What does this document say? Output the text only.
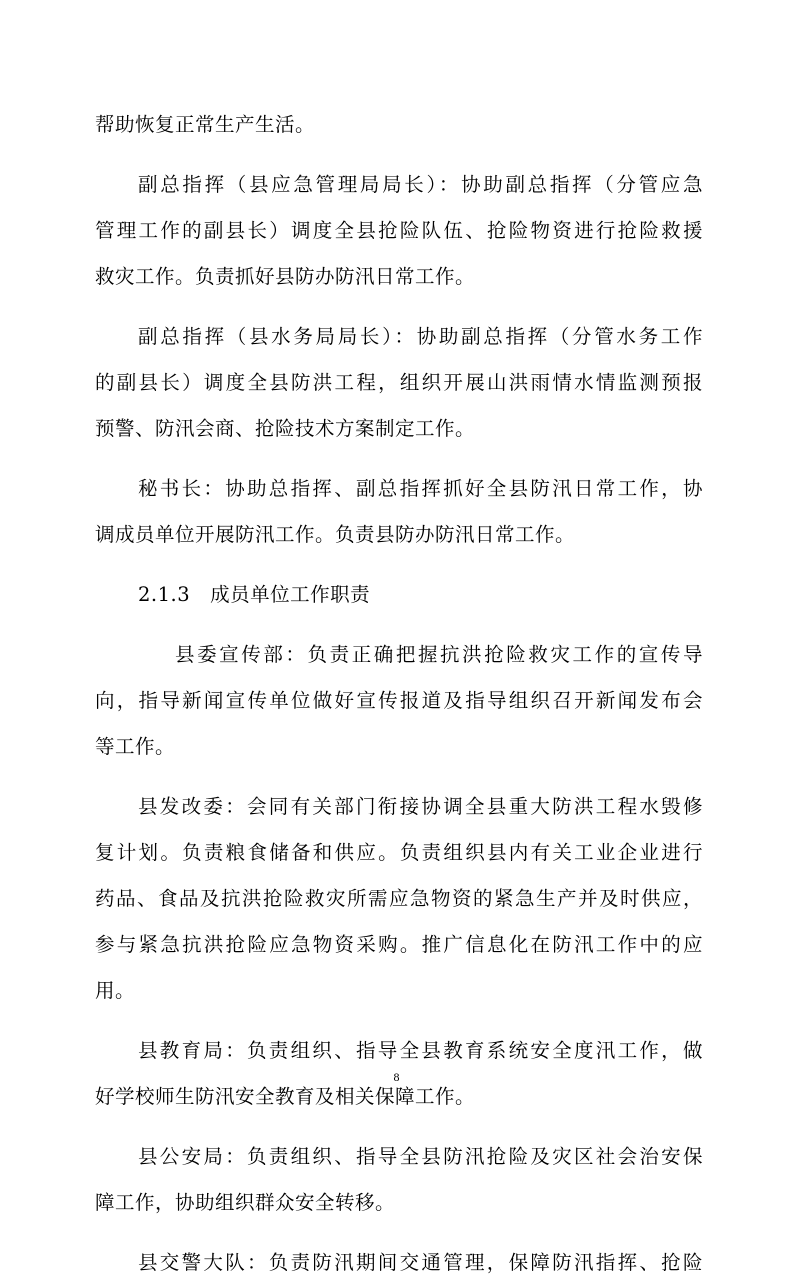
帮助恢复正常生产生活。
副总指挥（县应急管理局局长）：协助副总指挥（分管应急
管理工作的副县长）调度全县抢险队伍、抢险物资进行抢险救援
救灾工作。负责抓好县防办防汛日常工作。
副总指挥（县水务局局长）：协助副总指挥（分管水务工作
的副县长）调度全县防洪工程，组织开展山洪雨情水情监测预报
预警、防汛会商、抢险技术方案制定工作。
秘书长：协助总指挥、副总指挥抓好全县防汛日常工作，协
调成员单位开展防汛工作。负责县防办防汛日常工作。
2.1.3　成员单位工作职责
县委宣传部：负责正确把握抗洪抢险救灾工作的宣传导
向，指导新闻宣传单位做好宣传报道及指导组织召开新闻发布会
等工作。
县发改委：会同有关部门衔接协调全县重大防洪工程水毁修
复计划。负责粮食储备和供应。负责组织县内有关工业企业进行
药品、食品及抗洪抢险救灾所需应急物资的紧急生产并及时供应，
参与紧急抗洪抢险应急物资采购。推广信息化在防汛工作中的应
用。
县教育局：负责组织、指导全县教育系统安全度汛工作，做
好学校师生防汛安全教育及相关保障工作。
县公安局：负责组织、指导全县防汛抢险及灾区社会治安保
障工作，协助组织群众安全转移。
县交警大队：负责防汛期间交通管理，保障防汛指挥、抢险
8
